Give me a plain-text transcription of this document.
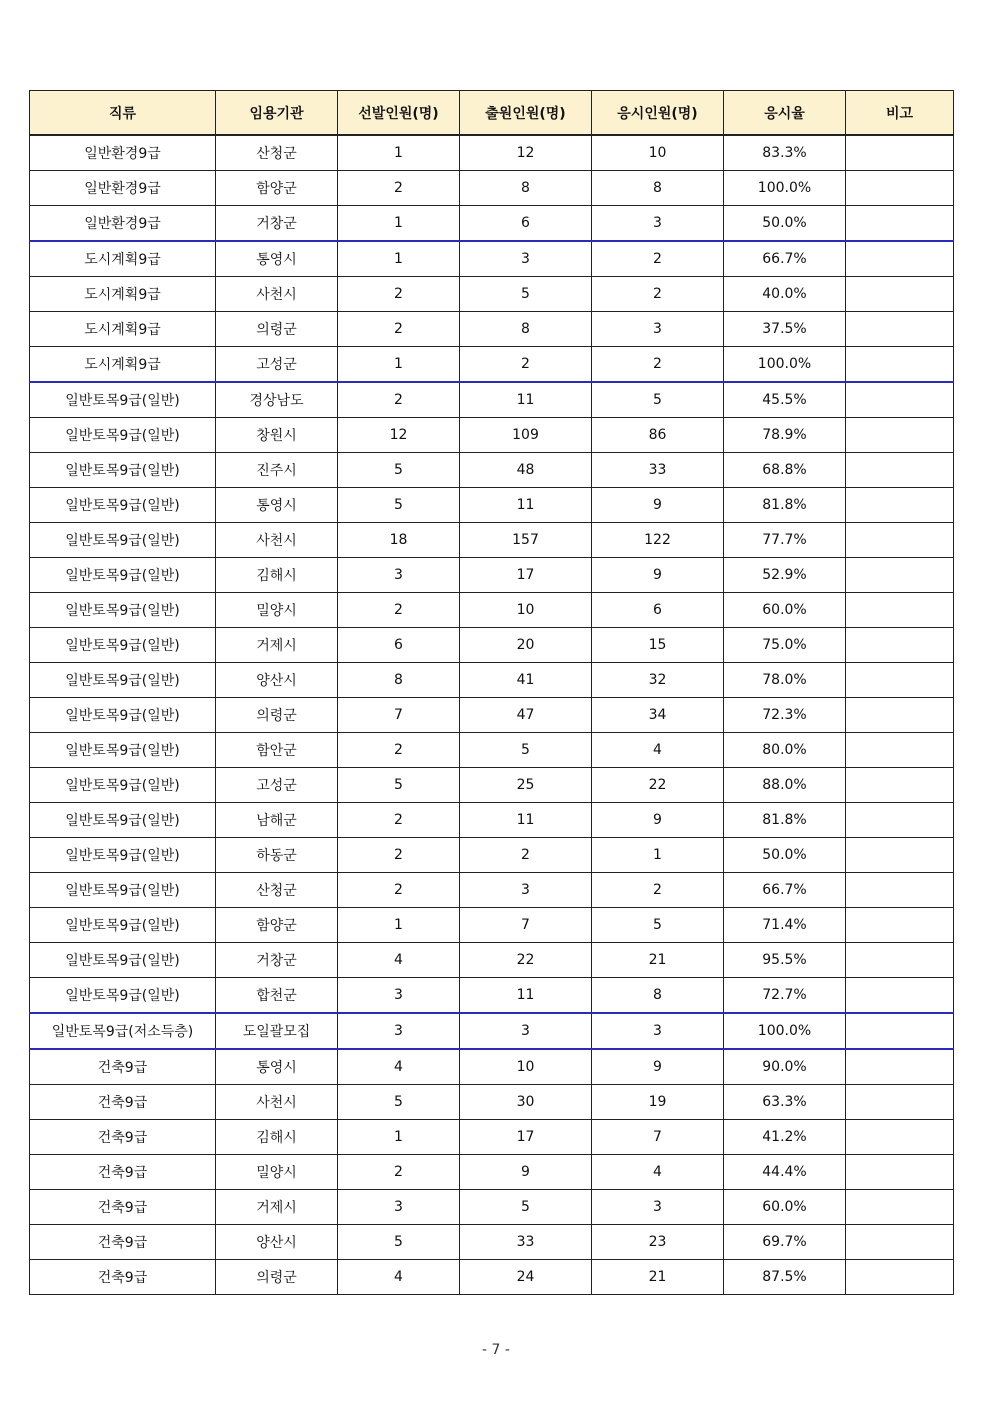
직류	임용기관	선발인원(명)	출원인원(명)	응시인원(명)	응시율	비고
일반환경9급	산청군	1	12	10	83.3%	
일반환경9급	함양군	2	8	8	100.0%	
일반환경9급	거창군	1	6	3	50.0%	
도시계획9급	통영시	1	3	2	66.7%	
도시계획9급	사천시	2	5	2	40.0%	
도시계획9급	의령군	2	8	3	37.5%	
도시계획9급	고성군	1	2	2	100.0%	
일반토목9급(일반)	경상남도	2	11	5	45.5%	
일반토목9급(일반)	창원시	12	109	86	78.9%	
일반토목9급(일반)	진주시	5	48	33	68.8%	
일반토목9급(일반)	통영시	5	11	9	81.8%	
일반토목9급(일반)	사천시	18	157	122	77.7%	
일반토목9급(일반)	김해시	3	17	9	52.9%	
일반토목9급(일반)	밀양시	2	10	6	60.0%	
일반토목9급(일반)	거제시	6	20	15	75.0%	
일반토목9급(일반)	양산시	8	41	32	78.0%	
일반토목9급(일반)	의령군	7	47	34	72.3%	
일반토목9급(일반)	함안군	2	5	4	80.0%	
일반토목9급(일반)	고성군	5	25	22	88.0%	
일반토목9급(일반)	남해군	2	11	9	81.8%	
일반토목9급(일반)	하동군	2	2	1	50.0%	
일반토목9급(일반)	산청군	2	3	2	66.7%	
일반토목9급(일반)	함양군	1	7	5	71.4%	
일반토목9급(일반)	거창군	4	22	21	95.5%	
일반토목9급(일반)	합천군	3	11	8	72.7%	
일반토목9급(저소득층)	도일괄모집	3	3	3	100.0%	
건축9급	통영시	4	10	9	90.0%	
건축9급	사천시	5	30	19	63.3%	
건축9급	김해시	1	17	7	41.2%	
건축9급	밀양시	2	9	4	44.4%	
건축9급	거제시	3	5	3	60.0%	
건축9급	양산시	5	33	23	69.7%	
건축9급	의령군	4	24	21	87.5%	
- 7 -
